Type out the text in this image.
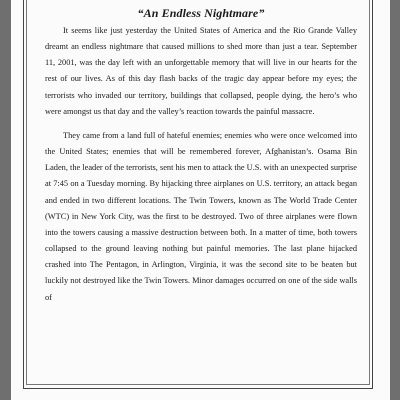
“An Endless Nightmare”

It seems like just yesterday the United States of America and the Rio Grande Valley dreamt an endless nightmare that caused millions to shed more than just a tear. September 11, 2001, was the day left with an unforgettable memory that will live in our hearts for the rest of our lives. As of this day flash backs of the tragic day appear before my eyes; the terrorists who invaded our territory, buildings that collapsed, people dying, the hero’s who were amongst us that day and the valley’s reaction towards the painful massacre.

They came from a land full of hateful enemies; enemies who were once welcomed into the United States; enemies that will be remembered forever, Afghanistan’s. Osama Bin Laden, the leader of the terrorists, sent his men to attack the U.S. with an unexpected surprise at 7:45 on a Tuesday morning. By hijacking three airplanes on U.S. territory, an attack began and ended in two different locations. The Twin Towers, known as The World Trade Center (WTC) in New York City, was the first to be destroyed. Two of three airplanes were flown into the towers causing a massive destruction between both. In a matter of time, both towers collapsed to the ground leaving nothing but painful memories. The last plane hijacked crashed into The Pentagon, in Arlington, Virginia, it was the second site to be beaten but luckily not destroyed like the Twin Towers. Minor damages occurred on one of the side walls of
